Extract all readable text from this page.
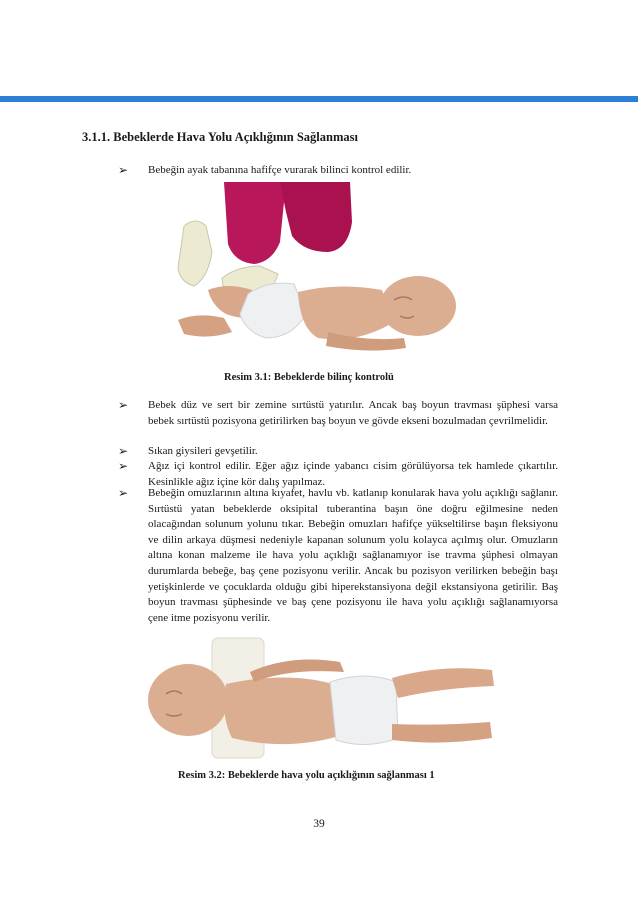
3.1.1. Bebeklerde Hava Yolu Açıklığının Sağlanması
➢ Bebeğin ayak tabanına hafifçe vurarak bilinci kontrol edilir.
Resim 3.1: Bebeklerde bilinç kontrolü
➢ Bebek düz ve sert bir zemine sırtüstü yatırılır. Ancak baş boyun travması şüphesi varsa bebek sırtüstü pozisyona getirilirken baş boyun ve gövde ekseni bozulmadan çevrilmelidir.
➢ Sıkan giysileri gevşetilir.
➢ Ağız içi kontrol edilir. Eğer ağız içinde yabancı cisim görülüyorsa tek hamlede çıkartılır. Kesinlikle ağız içine kör dalış yapılmaz.
➢ Bebeğin omuzlarının altına kıyafet, havlu vb. katlanıp konularak hava yolu açıklığı sağlanır. Sırtüstü yatan bebeklerde oksipital tuberantina başın öne doğru eğilmesine neden olacağından solunum yolunu tıkar. Bebeğin omuzları hafifçe yükseltilirse başın fleksiyonu ve dilin arkaya düşmesi nedeniyle kapanan solunum yolu kolayca açılmış olur. Omuzların altına konan malzeme ile hava yolu açıklığı sağlanamıyor ise travma şüphesi olmayan durumlarda bebeğe, baş çene pozisyonu verilir. Ancak bu pozisyon verilirken bebeğin başı yetişkinlerde ve çocuklarda olduğu gibi hiperekstansiyona değil ekstansiyona getirilir. Baş boyun travması şüphesinde ve baş çene pozisyonu ile hava yolu açıklığı sağlanamıyorsa çene itme pozisyonu verilir.
Resim 3.2: Bebeklerde hava yolu açıklığının sağlanması 1
39
